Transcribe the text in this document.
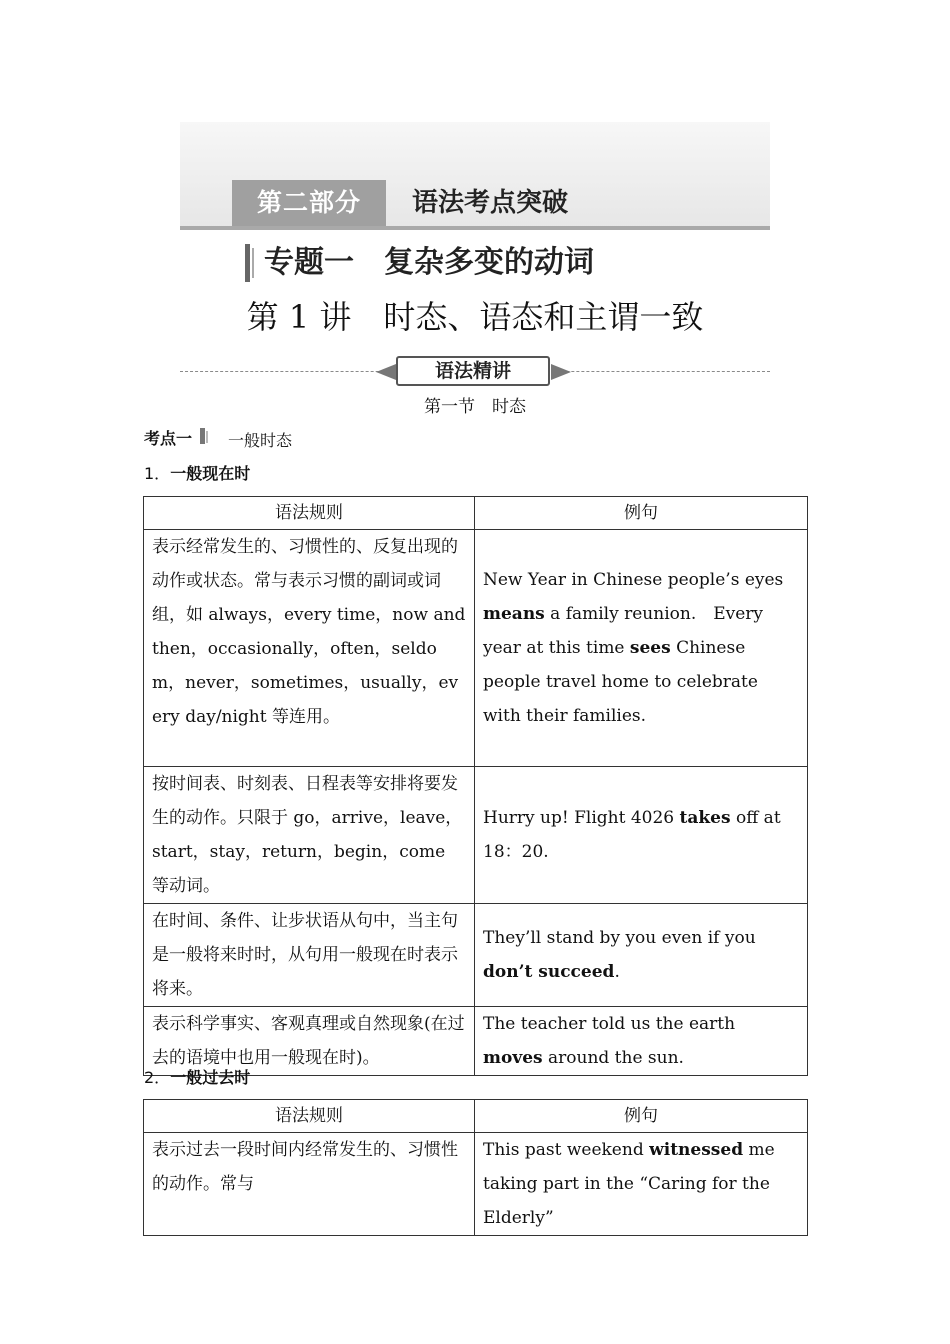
第二部分	语法考点突破
专题一　复杂多变的动词
第 1 讲　时态、语态和主谓一致
语法精讲
第一节　时态
考点一 一般时态
1．一般现在时
语法规则	例句
表示经常发生的、习惯性的、反复出现的动作或状态。常与表示习惯的副词或词组，如 always，every time，now and then，occasionally，often，seldom，never，sometimes，usually，every day/night 等连用。	New Year in Chinese people’s eyes means a family reunion.　Every year at this time sees Chinese people travel home to celebrate with their families.
按时间表、时刻表、日程表等安排将要发生的动作。只限于 go，arrive，leave，start，stay，return，begin，come 等动词。	Hurry up! Flight 4026 takes off at 18：20.
在时间、条件、让步状语从句中，当主句是一般将来时时，从句用一般现在时表示将来。	They’ll stand by you even if you don’t succeed.
表示科学事实、客观真理或自然现象(在过去的语境中也用一般现在时)。	The teacher told us the earth moves around the sun.
2．一般过去时
语法规则	例句
表示过去一段时间内经常发生的、习惯性的动作。常与	This past weekend witnessed me taking part in the “Caring for the Elderly”
